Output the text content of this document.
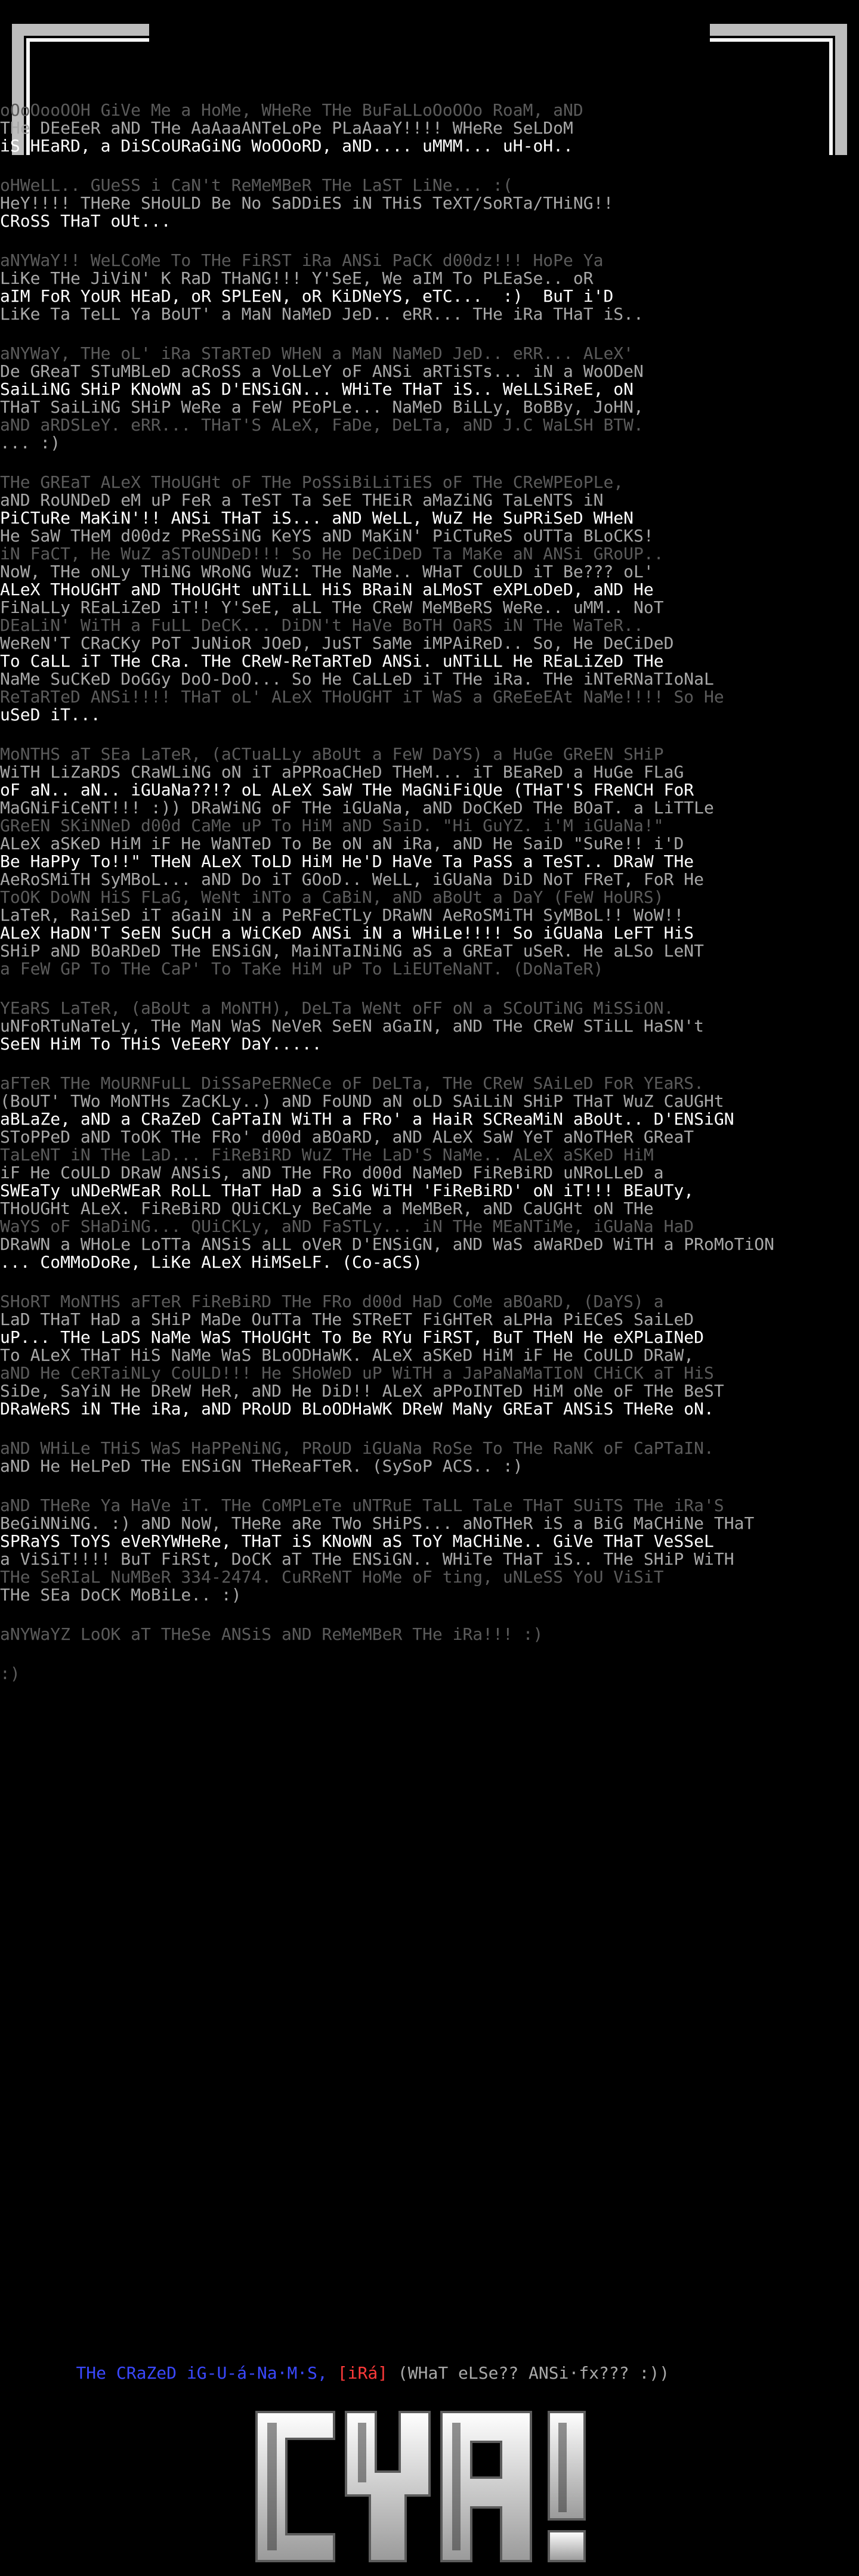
oOoOooOOH GiVe Me a HoMe, WHeRe THe BuFaLLoOoOOo RoaM, aND
THe DEeEeR aND THe AaAaaANTeLoPe PLaAaaY!!!! WHeRe SeLDoM
iS HEaRD, a DiSCoURaGiNG WoOOoRD, aND.... uMMM... uH-oH..
oHWeLL.. GUeSS i CaN't ReMeMBeR THe LaST LiNe... :(
HeY!!!! THeRe SHoULD Be No SaDDiES iN THiS TeXT/SoRTa/THiNG!!
CRoSS THaT oUt...
aNYWaY!! WeLCoMe To THe FiRST iRa ANSi PaCK d00dz!!! HoPe Ya
LiKe THe JiViN' K RaD THaNG!!! Y'SeE, We aIM To PLEaSe.. oR
aIM FoR YoUR HEaD, oR SPLEeN, oR KiDNeYS, eTC...  :)  BuT i'D
LiKe Ta TeLL Ya BoUT' a MaN NaMeD JeD.. eRR... THe iRa THaT iS..
aNYWaY, THe oL' iRa STaRTeD WHeN a MaN NaMeD JeD.. eRR... ALeX'
De GReaT STuMBLeD aCRoSS a VoLLeY oF ANSi aRTiSTs... iN a WoODeN
SaiLiNG SHiP KNoWN aS D'ENSiGN... WHiTe THaT iS.. WeLLSiReE, oN
THaT SaiLiNG SHiP WeRe a FeW PEoPLe... NaMeD BiLLy, BoBBy, JoHN,
aND aRDSLeY. eRR... THaT'S ALeX, FaDe, DeLTa, aND J.C WaLSH BTW.
... :)
THe GREaT ALeX THoUGHt oF THe PoSSiBiLiTiES oF THe CReWPEoPLe,
aND RoUNDeD eM uP FeR a TeST Ta SeE THEiR aMaZiNG TaLeNTS iN
PiCTuRe MaKiN'!! ANSi THaT iS... aND WeLL, WuZ He SuPRiSeD WHeN
He SaW THeM d00dz PReSSiNG KeYS aND MaKiN' PiCTuReS oUTTa BLoCKS!
iN FaCT, He WuZ aSToUNDeD!!! So He DeCiDeD Ta MaKe aN ANSi GRoUP..
NoW, THe oNLy THiNG WRoNG WuZ: THe NaMe.. WHaT CoULD iT Be??? oL'
ALeX THoUGHT aND THoUGHt uNTiLL HiS BRaiN aLMoST eXPLoDeD, aND He
FiNaLLy REaLiZeD iT!! Y'SeE, aLL THe CReW MeMBeRS WeRe.. uMM.. NoT
DEaLiN' WiTH a FuLL DeCK... DiDN't HaVe BoTH OaRS iN THe WaTeR..
WeReN'T CRaCKy PoT JuNioR JOeD, JuST SaMe iMPAiReD.. So, He DeCiDeD
To CaLL iT THe CRa. THe CReW-ReTaRTeD ANSi. uNTiLL He REaLiZeD THe
NaMe SuCKeD DoGGy DoO-DoO... So He CaLLeD iT THe iRa. THe iNTeRNaTIoNaL
ReTaRTeD ANSi!!!! THaT oL' ALeX THoUGHT iT WaS a GReEeEAt NaMe!!!! So He
uSeD iT...
MoNTHS aT SEa LaTeR, (aCTuaLLy aBoUt a FeW DaYS) a HuGe GReEN SHiP
WiTH LiZaRDS CRaWLiNG oN iT aPPRoaCHeD THeM... iT BEaReD a HuGe FLaG
oF aN.. aN.. iGUaNa??!? oL ALeX SaW THe MaGNiFiQUe (THaT'S FReNCH FoR
MaGNiFiCeNT!!! :)) DRaWiNG oF THe iGUaNa, aND DoCKeD THe BOaT. a LiTTLe
GReEN SKiNNeD d00d CaMe uP To HiM aND SaiD. "Hi GuYZ. i'M iGUaNa!"
ALeX aSKeD HiM iF He WaNTeD To Be oN aN iRa, aND He SaiD "SuRe!! i'D
Be HaPPy To!!" THeN ALeX ToLD HiM He'D HaVe Ta PaSS a TeST.. DRaW THe
AeRoSMiTH SyMBoL... aND Do iT GOoD.. WeLL, iGUaNa DiD NoT FReT, FoR He
ToOK DoWN HiS FLaG, WeNt iNTo a CaBiN, aND aBoUt a DaY (FeW HoURS)
LaTeR, RaiSeD iT aGaiN iN a PeRFeCTLy DRaWN AeRoSMiTH SyMBoL!! WoW!!
ALeX HaDN'T SeEN SuCH a WiCKeD ANSi iN a WHiLe!!!! So iGUaNa LeFT HiS
SHiP aND BOaRDeD THe ENSiGN, MaiNTaINiNG aS a GREaT uSeR. He aLSo LeNT
a FeW GP To THe CaP' To TaKe HiM uP To LiEUTeNaNT. (DoNaTeR)
YEaRS LaTeR, (aBoUt a MoNTH), DeLTa WeNt oFF oN a SCoUTiNG MiSSiON.
uNFoRTuNaTeLy, THe MaN WaS NeVeR SeEN aGaIN, aND THe CReW STiLL HaSN't
SeEN HiM To THiS VeEeRY DaY.....
aFTeR THe MoURNFuLL DiSSaPeERNeCe oF DeLTa, THe CReW SAiLeD FoR YEaRS.
(BoUT' TWo MoNTHs ZaCKLy..) aND FoUND aN oLD SAiLiN SHiP THaT WuZ CaUGHt
aBLaZe, aND a CRaZeD CaPTaIN WiTH a FRo' a HaiR SCReaMiN aBoUt.. D'ENSiGN
SToPPeD aND ToOK THe FRo' d00d aBOaRD, aND ALeX SaW YeT aNoTHeR GReaT
TaLeNT iN THe LaD... FiReBiRD WuZ THe LaD'S NaMe.. ALeX aSKeD HiM
iF He CoULD DRaW ANSiS, aND THe FRo d00d NaMeD FiReBiRD uNRoLLeD a
SWEaTy uNDeRWEaR RoLL THaT HaD a SiG WiTH 'FiReBiRD' oN iT!!! BEaUTy,
THoUGHt ALeX. FiReBiRD QUiCKLy BeCaMe a MeMBeR, aND CaUGHt oN THe
WaYS oF SHaDiNG... QUiCKLy, aND FaSTLy... iN THe MEaNTiMe, iGUaNa HaD
DRaWN a WHoLe LoTTa ANSiS aLL oVeR D'ENSiGN, aND WaS aWaRDeD WiTH a PRoMoTiON
... CoMMoDoRe, LiKe ALeX HiMSeLF. (Co-aCS)
SHoRT MoNTHS aFTeR FiReBiRD THe FRo d00d HaD CoMe aBOaRD, (DaYS) a
LaD THaT HaD a SHiP MaDe OuTTa THe STReET FiGHTeR aLPHa PiECeS SaiLeD
uP... THe LaDS NaMe WaS THoUGHt To Be RYu FiRST, BuT THeN He eXPLaINeD
To ALeX THaT HiS NaMe WaS BLoODHaWK. ALeX aSKeD HiM iF He CoULD DRaW,
aND He CeRTaiNLy CoULD!!! He SHoWeD uP WiTH a JaPaNaMaTIoN CHiCK aT HiS
SiDe, SaYiN He DReW HeR, aND He DiD!! ALeX aPPoINTeD HiM oNe oF THe BeST
DRaWeRS iN THe iRa, aND PRoUD BLoODHaWK DReW MaNy GREaT ANSiS THeRe oN.
aND WHiLe THiS WaS HaPPeNiNG, PRoUD iGUaNa RoSe To THe RaNK oF CaPTaIN.
aND He HeLPeD THe ENSiGN THeReaFTeR. (SySoP ACS.. :)
aND THeRe Ya HaVe iT. THe CoMPLeTe uNTRuE TaLL TaLe THaT SUiTS THe iRa'S
BeGiNNiNG. :) aND NoW, THeRe aRe TWo SHiPS... aNoTHeR iS a BiG MaCHiNe THaT
SPRaYS ToYS eVeRYWHeRe, THaT iS KNoWN aS ToY MaCHiNe.. GiVe THaT VeSSeL
a ViSiT!!!! BuT FiRSt, DoCK aT THe ENSiGN.. WHiTe THaT iS.. THe SHiP WiTH
THe SeRIaL NuMBeR 334-2474. CuRReNT HoMe oF ting, uNLeSS YoU ViSiT
THe SEa DoCK MoBiLe.. :)
aNYWaYZ LoOK aT THeSe ANSiS aND ReMeMBeR THe iRa!!! :)
:)

THe CRaZeD iG-U-á-Na·M·S, [iRá] (WHaT eLSe?? ANSi·fx??? :))
